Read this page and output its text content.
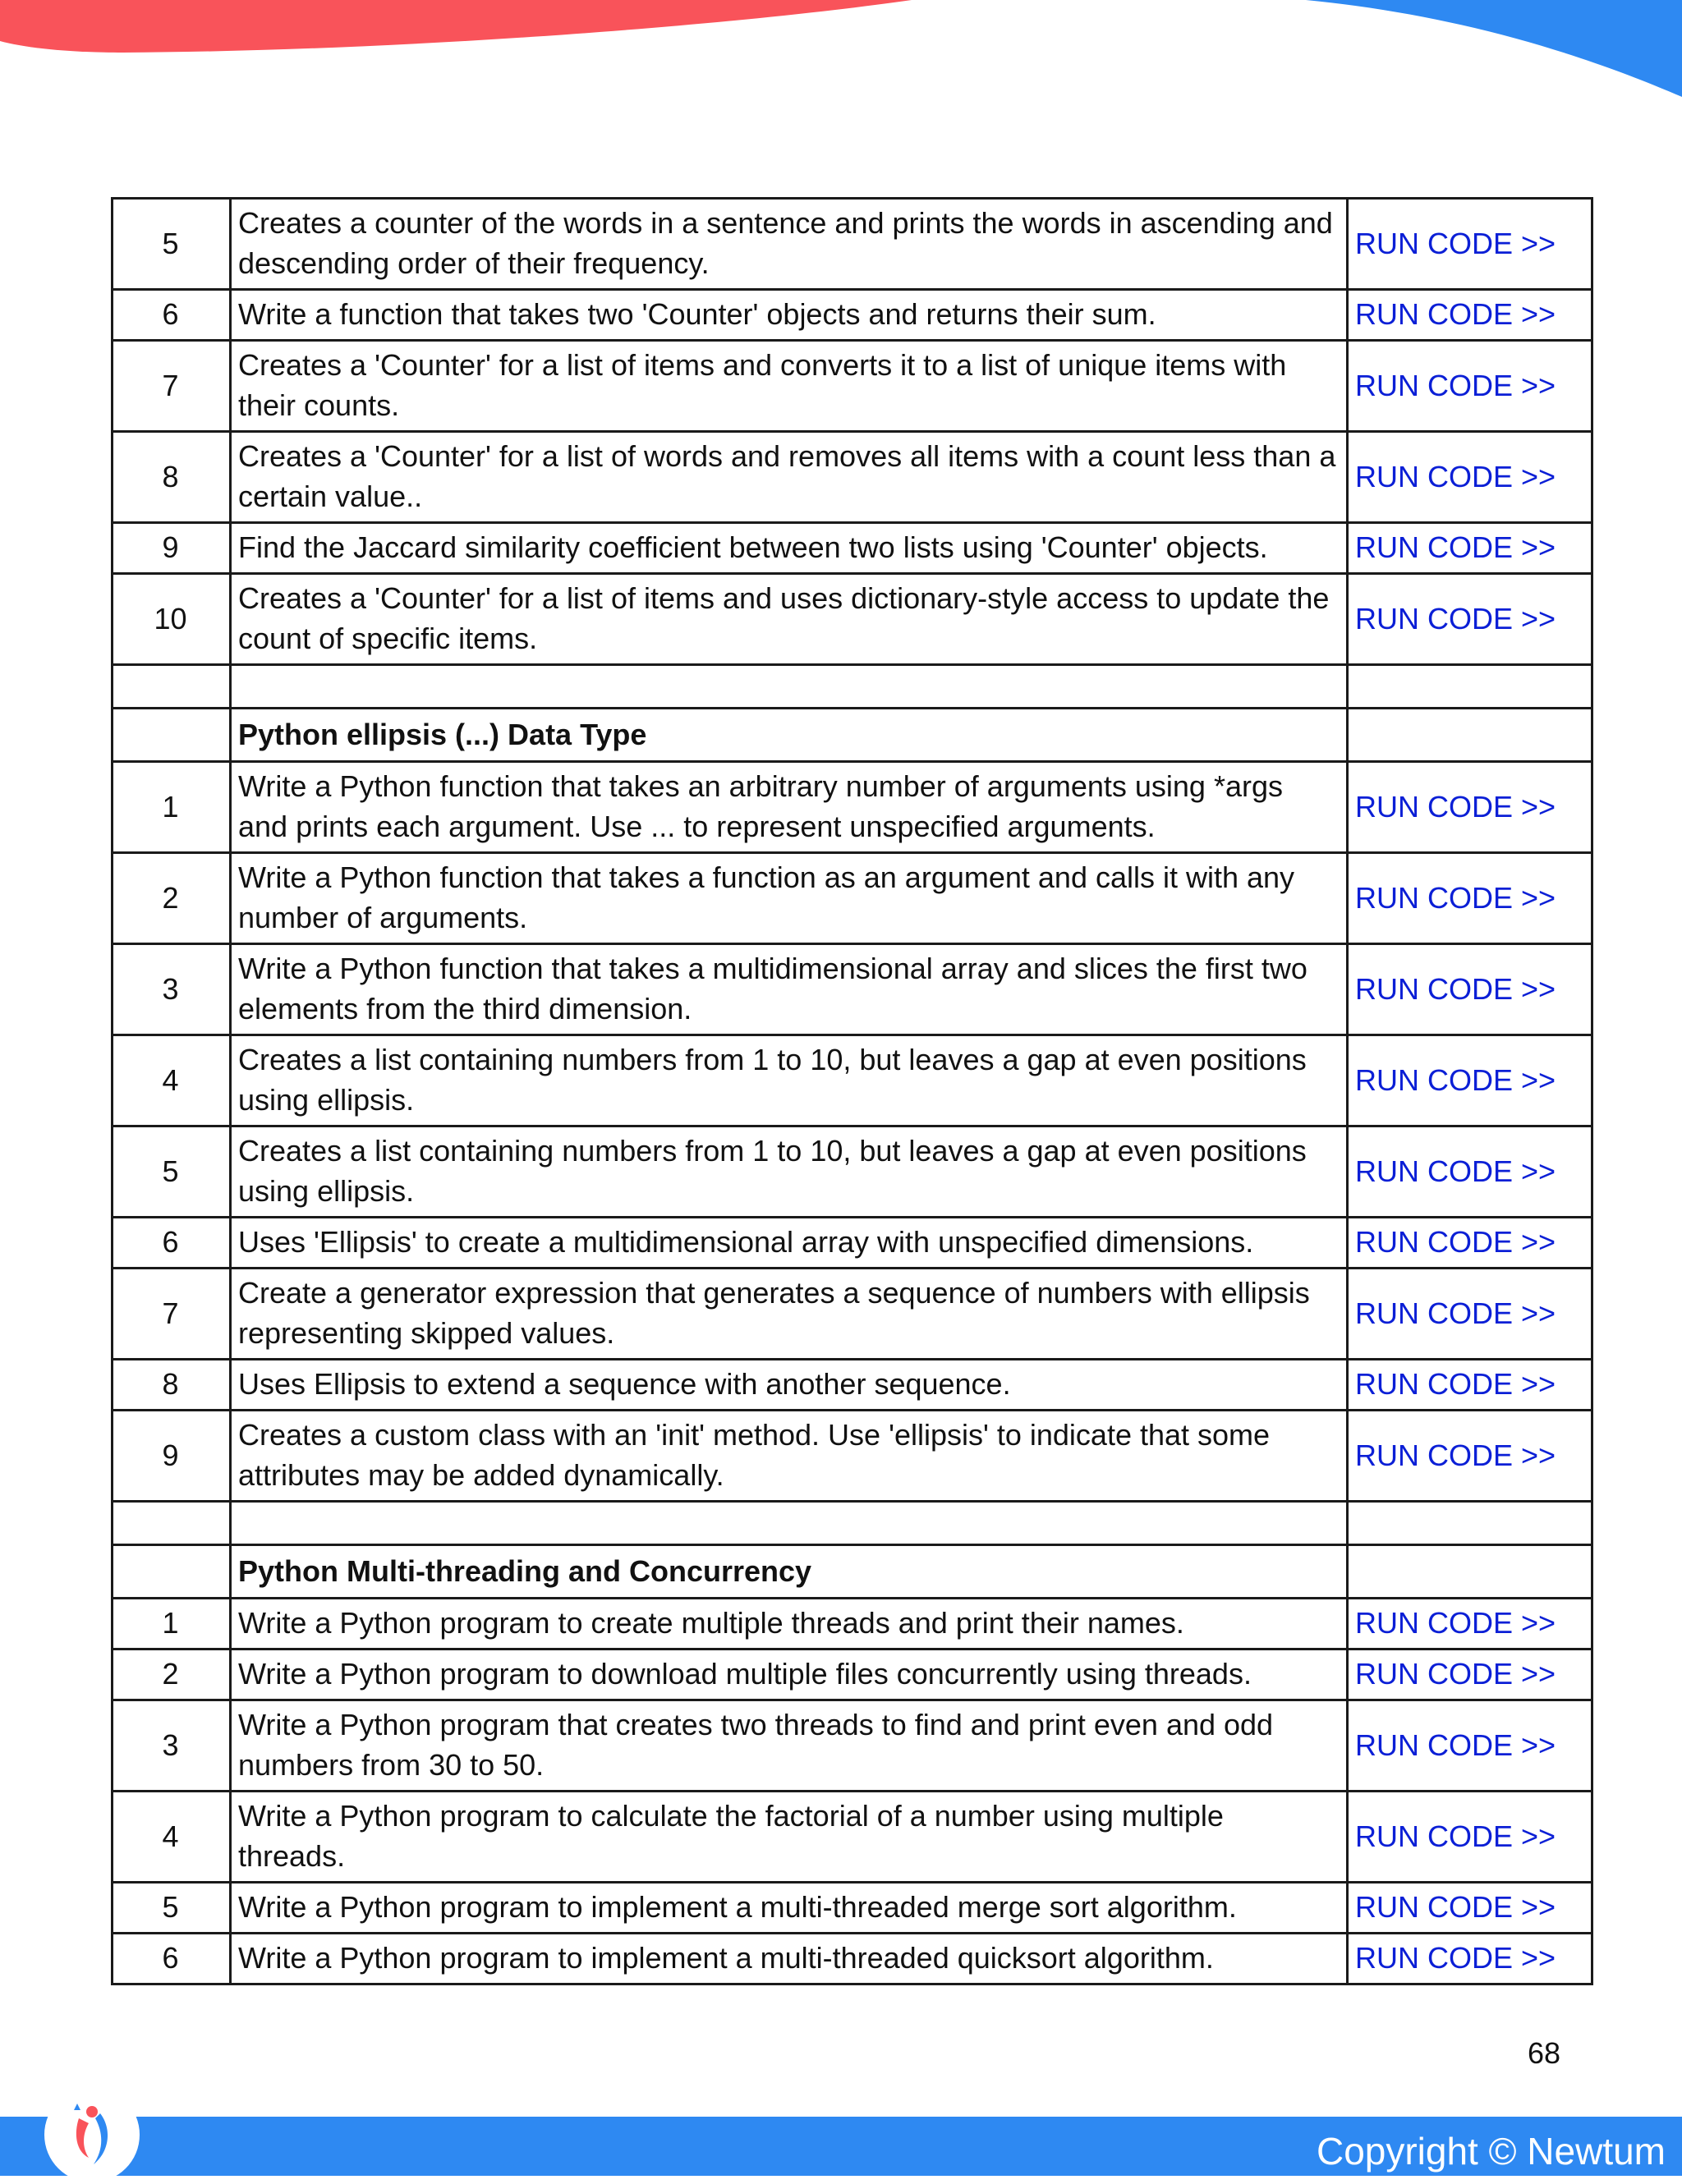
5	Creates a counter of the words in a sentence and prints the words in ascending and descending order of their frequency.	RUN CODE >>
6	Write a function that takes two 'Counter' objects and returns their sum.	RUN CODE >>
7	Creates a 'Counter' for a list of items and converts it to a list of unique items with their counts.	RUN CODE >>
8	Creates a 'Counter' for a list of words and removes all items with a count less than a certain value..	RUN CODE >>
9	Find the Jaccard similarity coefficient between two lists using 'Counter' objects.	RUN CODE >>
10	Creates a 'Counter' for a list of items and uses dictionary-style access to update the count of specific items.	RUN CODE >>

	Python ellipsis (...) Data Type	
1	Write a Python function that takes an arbitrary number of arguments using *args and prints each argument. Use ... to represent unspecified arguments.	RUN CODE >>
2	Write a Python function that takes a function as an argument and calls it with any number of arguments.	RUN CODE >>
3	Write a Python function that takes a multidimensional array and slices the first two elements from the third dimension.	RUN CODE >>
4	Creates a list containing numbers from 1 to 10, but leaves a gap at even positions using ellipsis.	RUN CODE >>
5	Creates a list containing numbers from 1 to 10, but leaves a gap at even positions using ellipsis.	RUN CODE >>
6	Uses 'Ellipsis' to create a multidimensional array with unspecified dimensions.	RUN CODE >>
7	Create a generator expression that generates a sequence of numbers with ellipsis representing skipped values.	RUN CODE >>
8	Uses Ellipsis to extend a sequence with another sequence.	RUN CODE >>
9	Creates a custom class with an 'init' method. Use 'ellipsis' to indicate that some attributes may be added dynamically.	RUN CODE >>

	Python Multi-threading and Concurrency	
1	Write a Python program to create multiple threads and print their names.	RUN CODE >>
2	Write a Python program to download multiple files concurrently using threads.	RUN CODE >>
3	Write a Python program that creates two threads to find and print even and odd numbers from 30 to 50.	RUN CODE >>
4	Write a Python program to calculate the factorial of a number using multiple threads.	RUN CODE >>
5	Write a Python program to implement a multi-threaded merge sort algorithm.	RUN CODE >>
6	Write a Python program to implement a multi-threaded quicksort algorithm.	RUN CODE >>
68
Copyright © Newtum
